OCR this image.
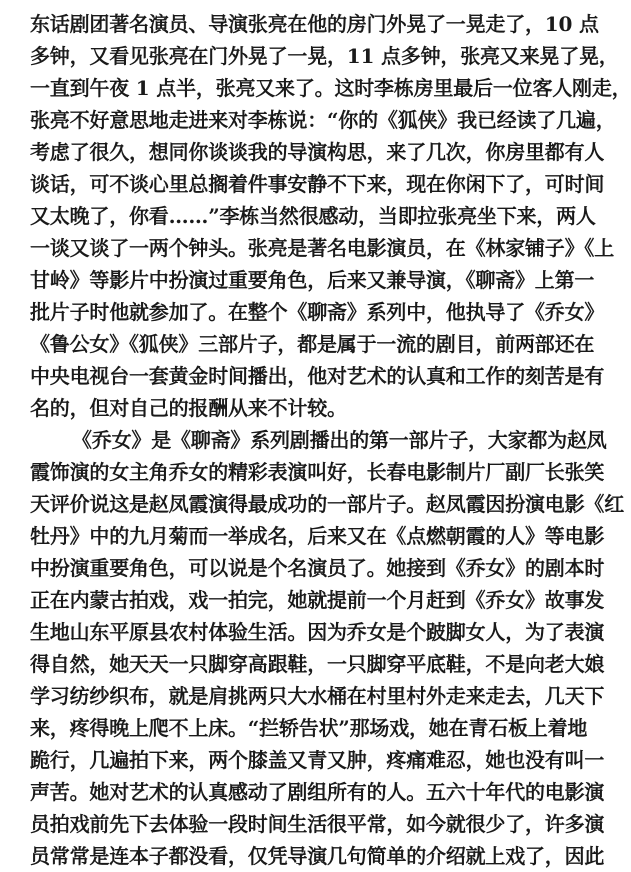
东话剧团著名演员、导演张亮在他的房门外晃了一晃走了，10 点
多钟，又看见张亮在门外晃了一晃，11 点多钟，张亮又来晃了晃，
一直到午夜 1 点半，张亮又来了。这时李栋房里最后一位客人刚走，
张亮不好意思地走进来对李栋说：“你的《狐侠》我已经读了几遍，
考虑了很久，想同你谈谈我的导演构思，来了几次，你房里都有人
谈话，可不谈心里总搁着件事安静不下来，现在你闲下了，可时间
又太晚了，你看……”李栋当然很感动，当即拉张亮坐下来，两人
一谈又谈了一两个钟头。张亮是著名电影演员，在《林家铺子》《上
甘岭》等影片中扮演过重要角色，后来又兼导演，《聊斋》上第一
批片子时他就参加了。在整个《聊斋》系列中，他执导了《乔女》
《鲁公女》《狐侠》三部片子，都是属于一流的剧目，前两部还在
中央电视台一套黄金时间播出，他对艺术的认真和工作的刻苦是有
名的，但对自己的报酬从来不计较。
《乔女》是《聊斋》系列剧播出的第一部片子，大家都为赵凤
霞饰演的女主角乔女的精彩表演叫好，长春电影制片厂副厂长张笑
天评价说这是赵凤霞演得最成功的一部片子。赵凤霞因扮演电影《红
牡丹》中的九月菊而一举成名，后来又在《点燃朝霞的人》等电影
中扮演重要角色，可以说是个名演员了。她接到《乔女》的剧本时
正在内蒙古拍戏，戏一拍完，她就提前一个月赶到《乔女》故事发
生地山东平原县农村体验生活。因为乔女是个跛脚女人，为了表演
得自然，她天天一只脚穿高跟鞋，一只脚穿平底鞋，不是向老大娘
学习纺纱织布，就是肩挑两只大水桶在村里村外走来走去，几天下
来，疼得晚上爬不上床。“拦轿告状”那场戏，她在青石板上着地
跪行，几遍拍下来，两个膝盖又青又肿，疼痛难忍，她也没有叫一
声苦。她对艺术的认真感动了剧组所有的人。五六十年代的电影演
员拍戏前先下去体验一段时间生活很平常，如今就很少了，许多演
员常常是连本子都没看，仅凭导演几句简单的介绍就上戏了，因此
